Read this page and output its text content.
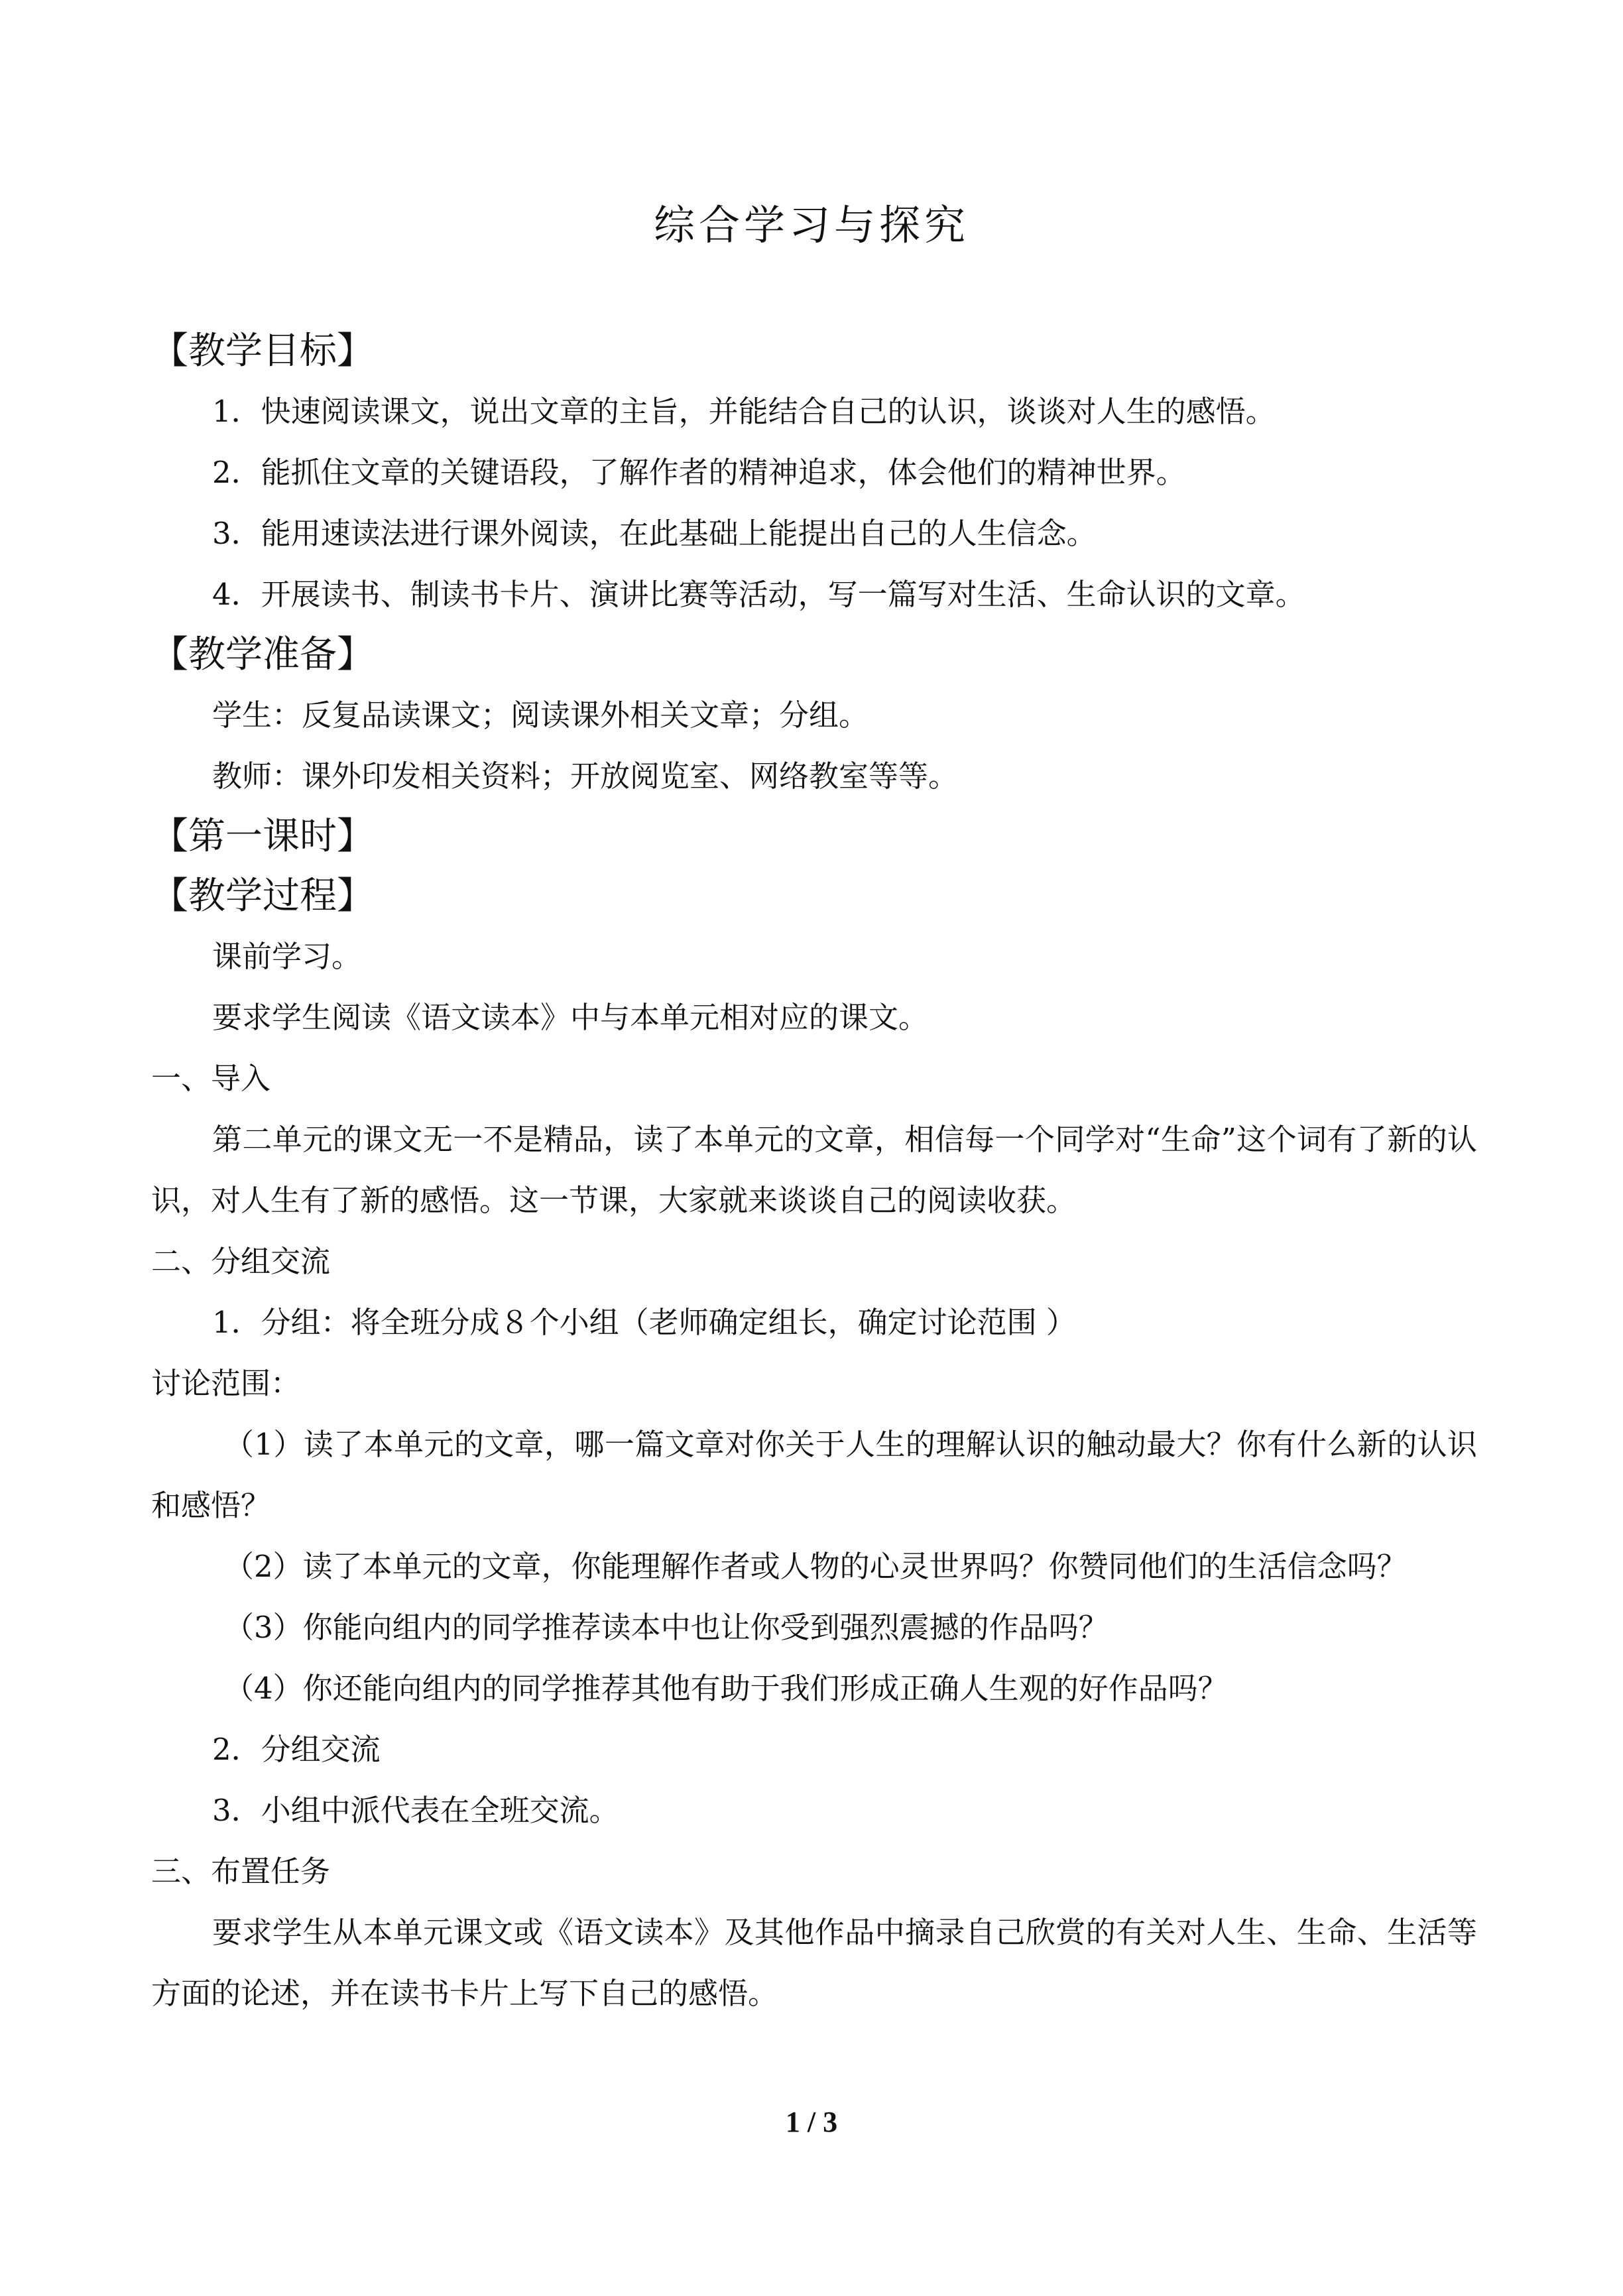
综合学习与探究
【教学目标】
1．快速阅读课文，说出文章的主旨，并能结合自己的认识，谈谈对人生的感悟。
2．能抓住文章的关键语段，了解作者的精神追求，体会他们的精神世界。
3．能用速读法进行课外阅读，在此基础上能提出自己的人生信念。
4．开展读书、制读书卡片、演讲比赛等活动，写一篇写对生活、生命认识的文章。
【教学准备】
学生：反复品读课文；阅读课外相关文章；分组。
教师：课外印发相关资料；开放阅览室、网络教室等等。
【第一课时】
【教学过程】
课前学习。
要求学生阅读《语文读本》中与本单元相对应的课文。
一、导入
第二单元的课文无一不是精品，读了本单元的文章，相信每一个同学对“生命”这个词有了新的认识，对人生有了新的感悟。这一节课，大家就来谈谈自己的阅读收获。
二、分组交流
1．分组：将全班分成８个小组（老师确定组长，确定讨论范围 ）
讨论范围：
（1）读了本单元的文章，哪一篇文章对你关于人生的理解认识的触动最大？你有什么新的认识和感悟？
（2）读了本单元的文章，你能理解作者或人物的心灵世界吗？你赞同他们的生活信念吗？
（3）你能向组内的同学推荐读本中也让你受到强烈震撼的作品吗？
（4）你还能向组内的同学推荐其他有助于我们形成正确人生观的好作品吗？
2．分组交流
3．小组中派代表在全班交流。
三、布置任务
要求学生从本单元课文或《语文读本》及其他作品中摘录自己欣赏的有关对人生、生命、生活等方面的论述，并在读书卡片上写下自己的感悟。
1 / 3
